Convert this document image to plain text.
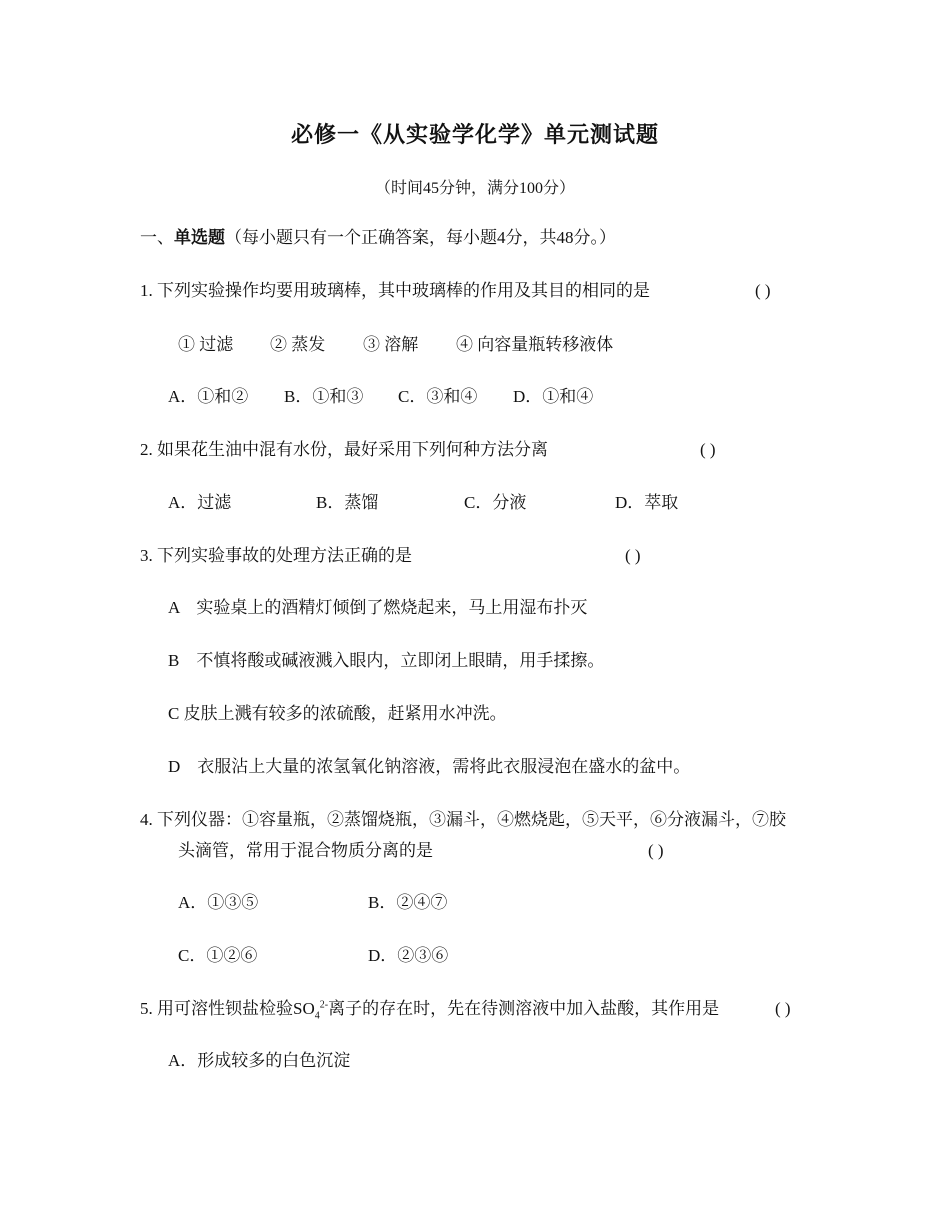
必修一《从实验学化学》单元测试题
（时间45分钟，满分100分）
一、单选题（每小题只有一个正确答案，每小题4分，共48分。）
1. 下列实验操作均要用玻璃棒，其中玻璃棒的作用及其目的相同的是	( )
① 过滤 ② 蒸发 ③ 溶解 ④ 向容量瓶转移液体
A．①和② B．①和③ C．③和④ D．①和④
2. 如果花生油中混有水份，最好采用下列何种方法分离	( )
A．过滤	B．蒸馏	C．分液	D．萃取
3. 下列实验事故的处理方法正确的是	( )
A　实验桌上的酒精灯倾倒了燃烧起来，马上用湿布扑灭
B　不慎将酸或碱液溅入眼内，立即闭上眼睛，用手揉擦。
C 皮肤上溅有较多的浓硫酸，赶紧用水冲洗。
D　衣服沾上大量的浓氢氧化钠溶液，需将此衣服浸泡在盛水的盆中。
4. 下列仪器：①容量瓶，②蒸馏烧瓶，③漏斗，④燃烧匙，⑤天平，⑥分液漏斗，⑦胶
头滴管，常用于混合物质分离的是	( )
A．①③⑤	B．②④⑦
C．①②⑥	D．②③⑥
5. 用可溶性钡盐检验$SO_4^{2-}$离子的存在时，先在待测溶液中加入盐酸，其作用是	( )
A．形成较多的白色沉淀
